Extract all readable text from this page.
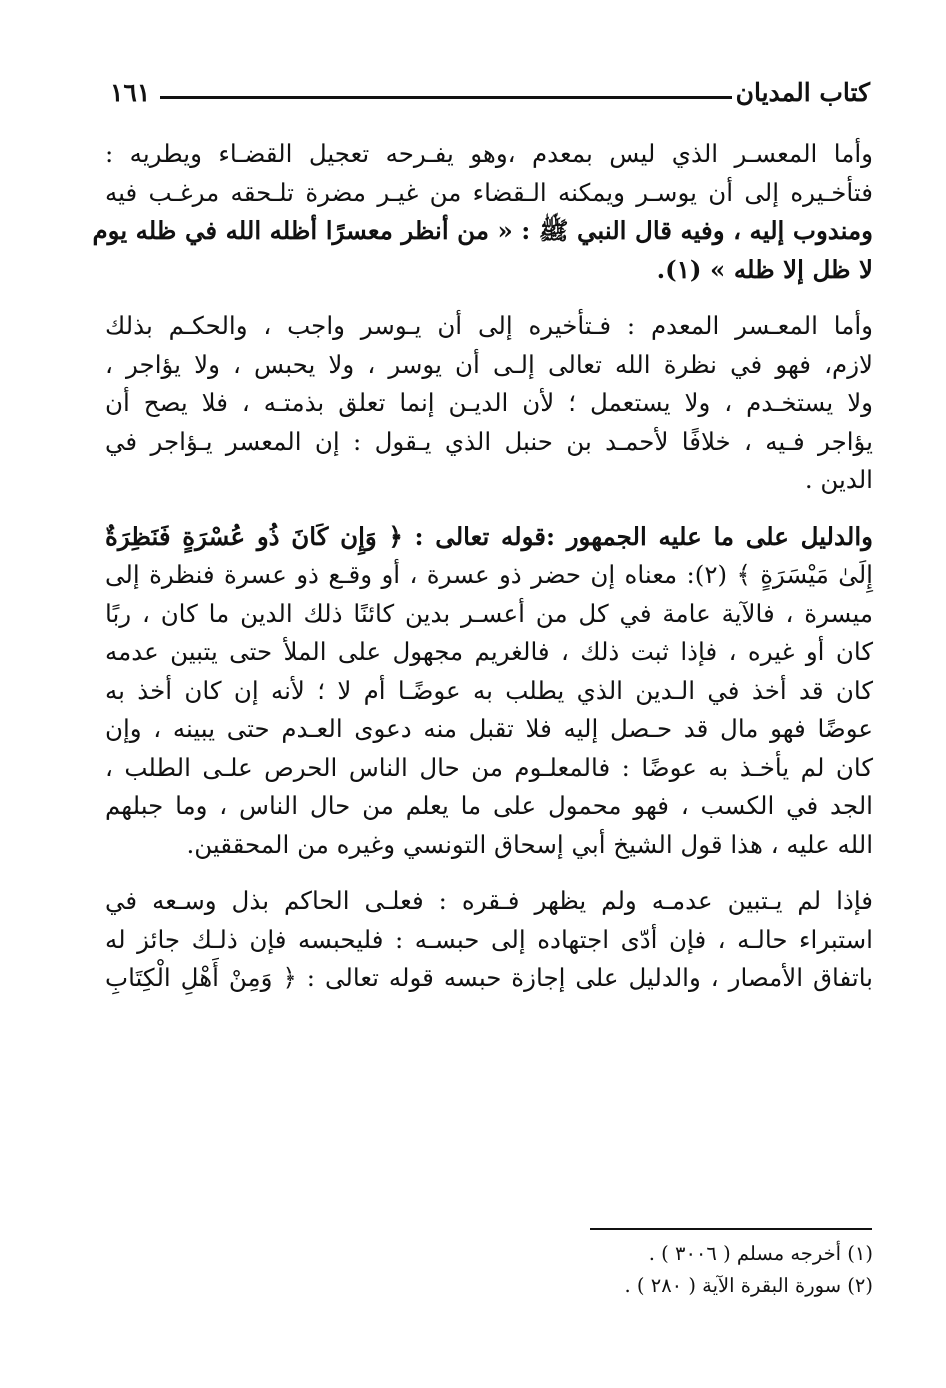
كتاب المديان
١٦١

وأما المعسـر الذي ليس بمعدم ،وهو يفـرحه تعجيل القضـاء ويطريه :
فتأخـيره إلى أن يوسـر ويمكنه الـقضاء من غيـر مضرة تلـحقه مرغـب فيه
ومندوب إليه ، وفيه قال النبي ﷺ : « من أنظر معسرًا أظله الله في ظله يوم
لا ظل إلا ظله » (١).

وأما المعـسر المعدم : فـتأخيره إلى أن يـوسر واجب ، والحكـم بذلك
لازم، فهو في نظرة الله تعالى إلـى أن يوسر ، ولا يحبس ، ولا يؤاجر ،
ولا يستخـدم ، ولا يستعمل ؛ لأن الديـن إنما تعلق بذمتـه ، فلا يصح أن
يؤاجر فـيه ، خلافًا لأحمـد بن حنبل الذي يـقول : إن المعسر يـؤاجر في
الدين .

والدليل على ما عليه الجمهور :قوله تعالى : ﴿ وَإِن كَانَ ذُو عُسْرَةٍ فَنَظِرَةٌ
إِلَىٰ مَيْسَرَةٍ ﴾ (٢): معناه إن حضر ذو عسرة ، أو وقـع ذو عسرة فنظرة إلى
ميسرة ، فالآية عامة في كل من أعسـر بدين كائنًا ذلك الدين ما كان ، ربًا
كان أو غيره ، فإذا ثبت ذلك ، فالغريم مجهول على الملأ حتى يتبين عدمه
كان قد أخذ في الـدين الذي يطلب به عوضًـا أم لا ؛ لأنه إن كان أخذ به
عوضًا فهو مال قد حـصل إليه فلا تقبل منه دعوى العـدم حتى يبينه ، وإن
كان لم يأخـذ به عوضًا : فالمعلـوم من حال الناس الحرص علـى الطلب ،
الجد في الكسب ، فهو محمول على ما يعلم من حال الناس ، وما جبلهم
الله عليه ، هذا قول الشيخ أبي إسحاق التونسي وغيره من المحققين.

فإذا لم يـتبين عدمـه ولم يظهر فـقره : فعلـى الحاكم بذل وسـعه في
استبراء حالـه ، فإن أدّى اجتهاده إلى حبسـه : فليحبسه فإن ذلـك جائز له
باتفاق الأمصار ، والدليل على إجازة حبسه قوله تعالى : ﴿ وَمِنْ أَهْلِ الْكِتَابِ

(١) أخرجه مسلم ( ٣٠٠٦ ) .
(٢) سورة البقرة الآية ( ٢٨٠ ) .
